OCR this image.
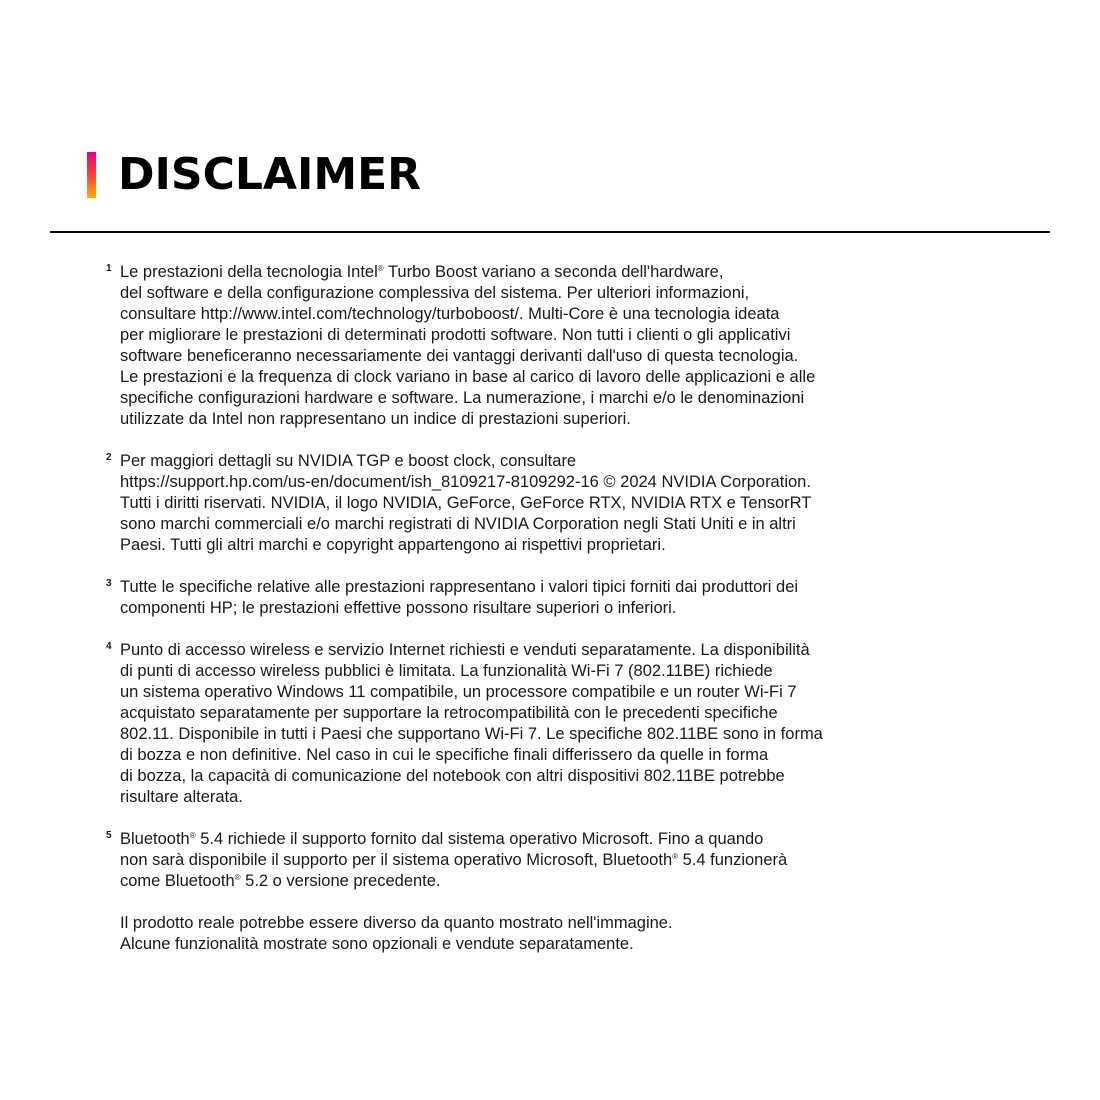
DISCLAIMER
1 Le prestazioni della tecnologia Intel® Turbo Boost variano a seconda dell'hardware,
del software e della configurazione complessiva del sistema. Per ulteriori informazioni,
consultare http://www.intel.com/technology/turboboost/. Multi-Core è una tecnologia ideata
per migliorare le prestazioni di determinati prodotti software. Non tutti i clienti o gli applicativi
software beneficeranno necessariamente dei vantaggi derivanti dall'uso di questa tecnologia.
Le prestazioni e la frequenza di clock variano in base al carico di lavoro delle applicazioni e alle
specifiche configurazioni hardware e software. La numerazione, i marchi e/o le denominazioni
utilizzate da Intel non rappresentano un indice di prestazioni superiori.
2 Per maggiori dettagli su NVIDIA TGP e boost clock, consultare
https://support.hp.com/us-en/document/ish_8109217-8109292-16 © 2024 NVIDIA Corporation.
Tutti i diritti riservati. NVIDIA, il logo NVIDIA, GeForce, GeForce RTX, NVIDIA RTX e TensorRT
sono marchi commerciali e/o marchi registrati di NVIDIA Corporation negli Stati Uniti e in altri
Paesi. Tutti gli altri marchi e copyright appartengono ai rispettivi proprietari.
3 Tutte le specifiche relative alle prestazioni rappresentano i valori tipici forniti dai produttori dei
componenti HP; le prestazioni effettive possono risultare superiori o inferiori.
4 Punto di accesso wireless e servizio Internet richiesti e venduti separatamente. La disponibilità
di punti di accesso wireless pubblici è limitata. La funzionalità Wi-Fi 7 (802.11BE) richiede
un sistema operativo Windows 11 compatibile, un processore compatibile e un router Wi-Fi 7
acquistato separatamente per supportare la retrocompatibilità con le precedenti specifiche
802.11. Disponibile in tutti i Paesi che supportano Wi-Fi 7. Le specifiche 802.11BE sono in forma
di bozza e non definitive. Nel caso in cui le specifiche finali differissero da quelle in forma
di bozza, la capacità di comunicazione del notebook con altri dispositivi 802.11BE potrebbe
risultare alterata.
5 Bluetooth® 5.4 richiede il supporto fornito dal sistema operativo Microsoft. Fino a quando
non sarà disponibile il supporto per il sistema operativo Microsoft, Bluetooth® 5.4 funzionerà
come Bluetooth® 5.2 o versione precedente.
Il prodotto reale potrebbe essere diverso da quanto mostrato nell'immagine.
Alcune funzionalità mostrate sono opzionali e vendute separatamente.
